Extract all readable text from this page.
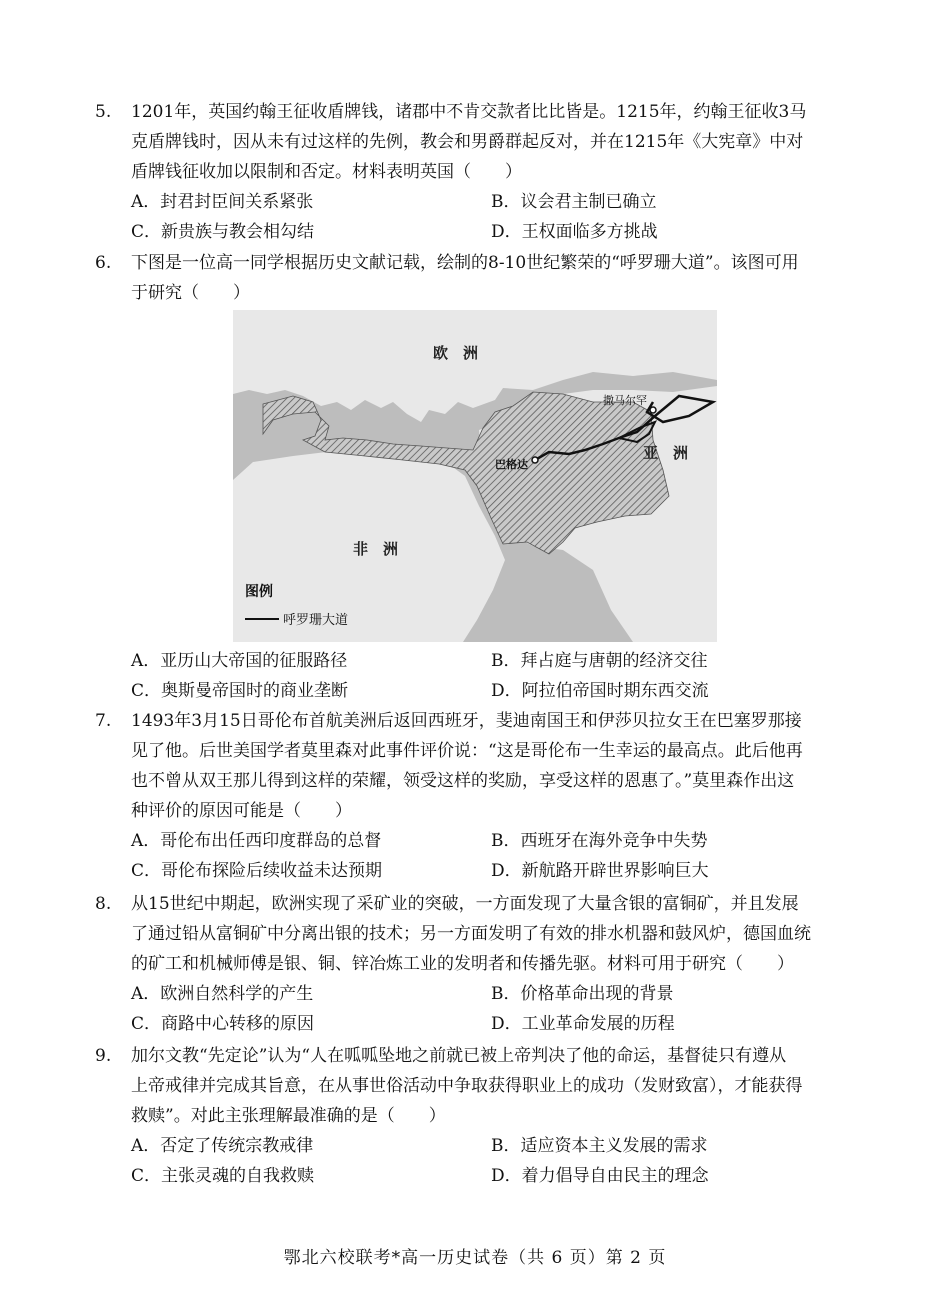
5.	1201年，英国约翰王征收盾牌钱，诸郡中不肯交款者比比皆是。1215年，约翰王征收3马
克盾牌钱时，因从未有过这样的先例，教会和男爵群起反对，并在1215年《大宪章》中对
盾牌钱征收加以限制和否定。材料表明英国（　　）
A．封君封臣间关系紧张	B．议会君主制已确立
C．新贵族与教会相勾结	D．王权面临多方挑战
6.	下图是一位高一同学根据历史文献记载，绘制的8-10世纪繁荣的“呼罗珊大道”。该图可用
于研究（　　）
欧　洲
亚　洲
非　洲
撒马尔罕
巴格达
图例
呼罗珊大道
A．亚历山大帝国的征服路径	B．拜占庭与唐朝的经济交往
C．奥斯曼帝国时的商业垄断	D．阿拉伯帝国时期东西交流
7.	1493年3月15日哥伦布首航美洲后返回西班牙，斐迪南国王和伊莎贝拉女王在巴塞罗那接
见了他。后世美国学者莫里森对此事件评价说：“这是哥伦布一生幸运的最高点。此后他再
也不曾从双王那儿得到这样的荣耀，领受这样的奖励，享受这样的恩惠了。”莫里森作出这
种评价的原因可能是（　　）
A．哥伦布出任西印度群岛的总督	B．西班牙在海外竞争中失势
C．哥伦布探险后续收益未达预期	D．新航路开辟世界影响巨大
8.	从15世纪中期起，欧洲实现了采矿业的突破，一方面发现了大量含银的富铜矿，并且发展
了通过铅从富铜矿中分离出银的技术；另一方面发明了有效的排水机器和鼓风炉，德国血统
的矿工和机械师傅是银、铜、锌冶炼工业的发明者和传播先驱。材料可用于研究（　　）
A．欧洲自然科学的产生	B．价格革命出现的背景
C．商路中心转移的原因	D．工业革命发展的历程
9.	加尔文教“先定论”认为“人在呱呱坠地之前就已被上帝判决了他的命运，基督徒只有遵从
上帝戒律并完成其旨意，在从事世俗活动中争取获得职业上的成功（发财致富），才能获得
救赎”。对此主张理解最准确的是（　　）
A．否定了传统宗教戒律	B．适应资本主义发展的需求
C．主张灵魂的自我救赎	D．着力倡导自由民主的理念
鄂北六校联考*高一历史试卷（共 6 页）第 2 页
